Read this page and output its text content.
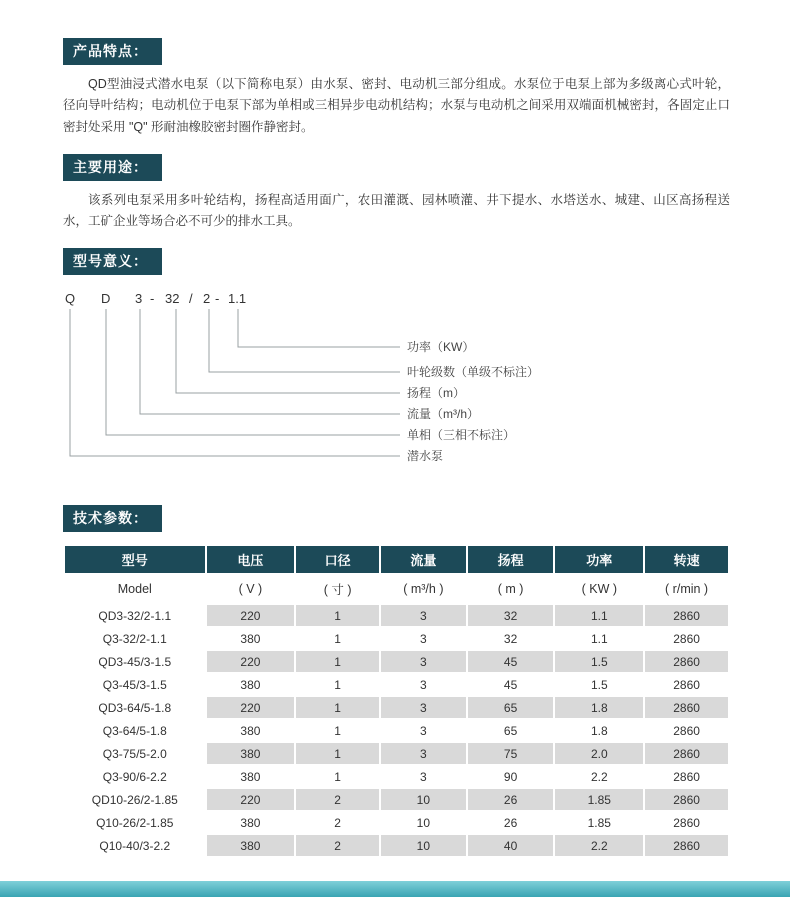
产品特点：

QD型油浸式潜水电泵（以下简称电泵）由水泵、密封、电动机三部分组成。水泵位于电泵上部为多级离心式叶轮，径向导叶结构；电动机位于电泵下部为单相或三相异步电动机结构；水泵与电动机之间采用双端面机械密封，各固定止口密封处采用 "Q" 形耐油橡胶密封圈作静密封。

主要用途：

该系列电泵采用多叶轮结构，扬程高适用面广，农田灌溉、园林喷灌、井下提水、水塔送水、城建、山区高扬程送水，工矿企业等场合必不可少的排水工具。

型号意义：
Q D 3 - 32 / 2 - 1.1
功率（KW）
叶轮级数（单级不标注）
扬程（m）
流量（m³/h）
单相（三相不标注）
潜水泵
技术参数：
型号	电压	口径	流量	扬程	功率	转速
Model	( V )	( 寸 )	( m³/h )	( m )	( KW )	( r/min )
QD3-32/2-1.1	220	1	3	32	1.1	2860
Q3-32/2-1.1	380	1	3	32	1.1	2860
QD3-45/3-1.5	220	1	3	45	1.5	2860
Q3-45/3-1.5	380	1	3	45	1.5	2860
QD3-64/5-1.8	220	1	3	65	1.8	2860
Q3-64/5-1.8	380	1	3	65	1.8	2860
Q3-75/5-2.0	380	1	3	75	2.0	2860
Q3-90/6-2.2	380	1	3	90	2.2	2860
QD10-26/2-1.85	220	2	10	26	1.85	2860
Q10-26/2-1.85	380	2	10	26	1.85	2860
Q10-40/3-2.2	380	2	10	40	2.2	2860
